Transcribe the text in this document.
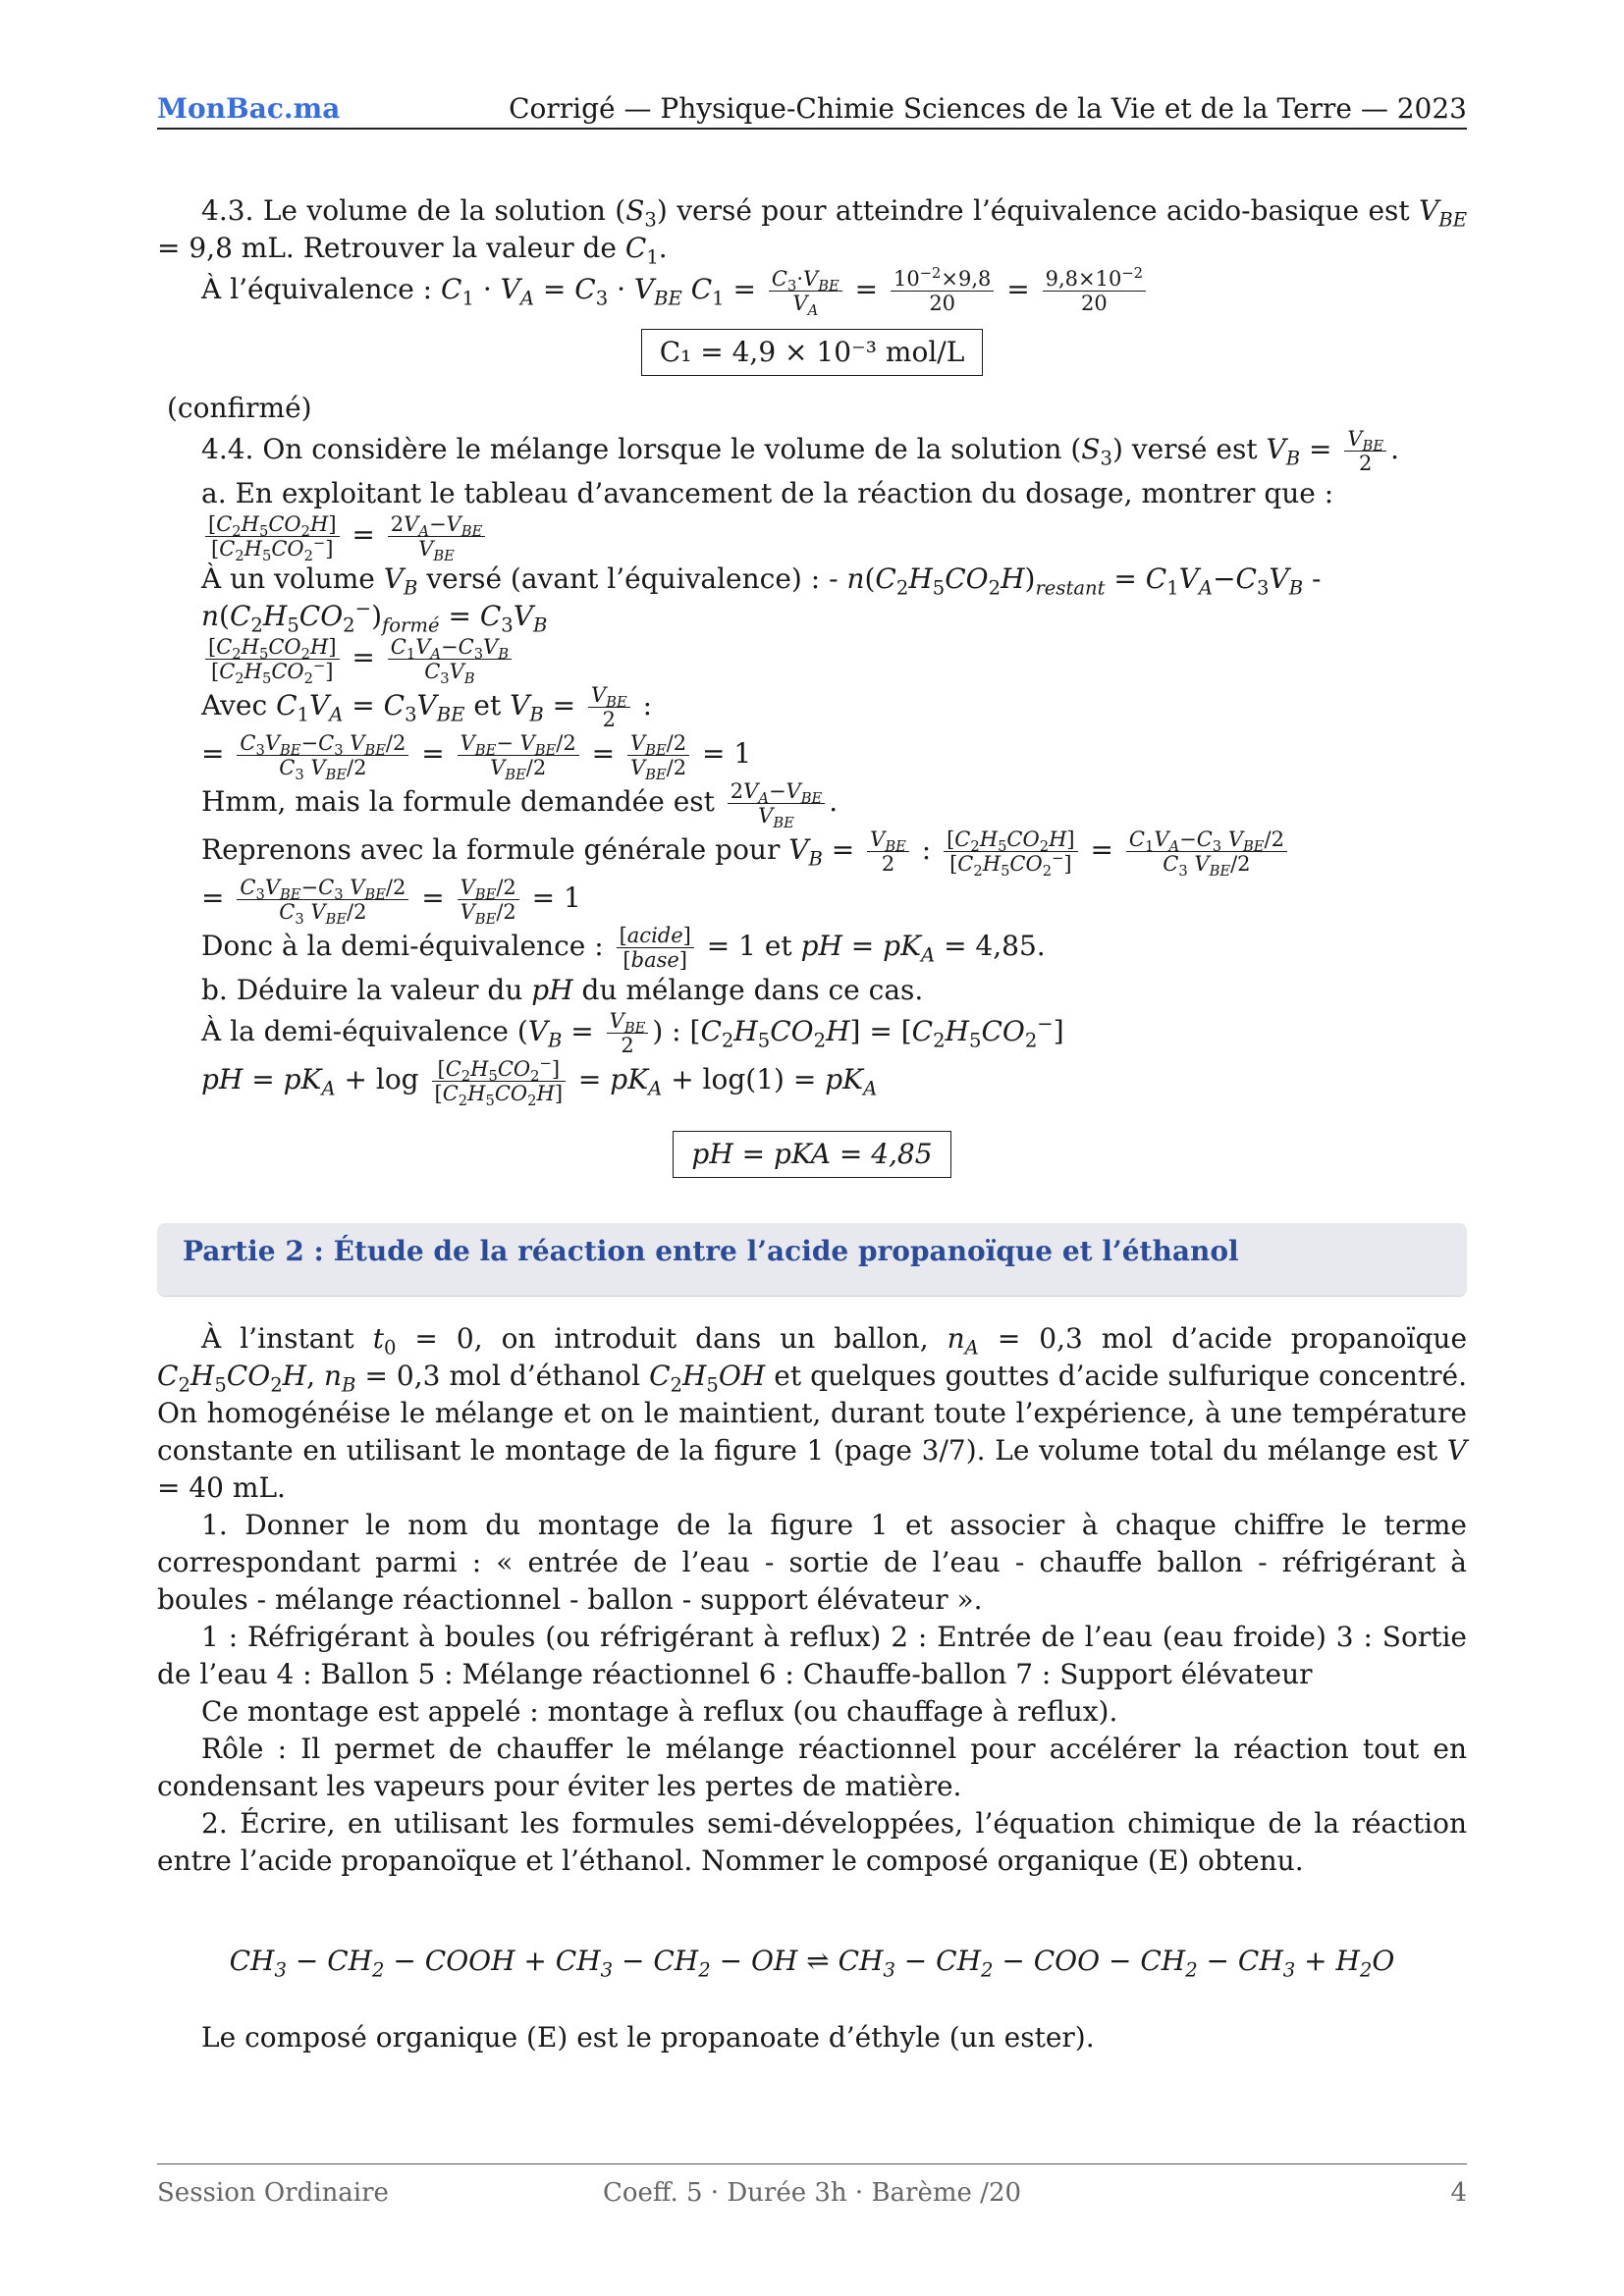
MonBac.ma	Corrigé — Physique-Chimie Sciences de la Vie et de la Terre — 2023

4.3. Le volume de la solution $(S_3)$ versé pour atteindre l’équivalence acido-basique est $V_{BE} = 9,8$ mL. Retrouver la valeur de $C_1$.

À l’équivalence : $C_1 \cdot V_A = C_3 \cdot V_{BE}$ $C_1 = \frac{C_3\cdot V_{BE}}{V_A} = \frac{10^{-2}\times 9,8}{20} = \frac{9,8\times 10^{-2}}{20}$

C₁ = 4,9 × 10⁻³ mol/L

(confirmé)

4.4. On considère le mélange lorsque le volume de la solution $(S_3)$ versé est $V_B = \frac{V_{BE}}{2}$ .

a. En exploitant le tableau d’avancement de la réaction du dosage, montrer que :
$\frac{[C_2H_5CO_2H]}{[C_2H_5CO_2^-]} = \frac{2V_A-V_{BE}}{V_{BE}}$

À un volume $V_B$ versé (avant l’équivalence) : - $n(C_2H_5CO_2H)_{restant} = C_1V_A-C_3V_B - n(C_2H_5CO_2^-)_{formé} = C_3V_B$

$\frac{[C_2H_5CO_2H]}{[C_2H_5CO_2^-]} = \frac{C_1V_A-C_3V_B}{C_3V_B}$

Avec $C_1V_A = C_3V_{BE}$ et $V_B = \frac{V_{BE}}{2}$ :

= $\frac{C_3V_{BE}-C_3 V_{BE}/2}{C_3 V_{BE}/2} = \frac{V_{BE}- V_{BE}/2}{V_{BE}/2} = \frac{V_{BE}/2}{V_{BE}/2} = 1$

Hmm, mais la formule demandée est $\frac{2V_A-V_{BE}}{V_{BE}}$ .

Reprenons avec la formule générale pour $V_B = \frac{V_{BE}}{2}$ : $\frac{[C_2H_5CO_2H]}{[C_2H_5CO_2^-]} = \frac{C_1V_A-C_3 V_{BE}/2}{C_3 V_{BE}/2}$

= $\frac{C_3V_{BE}-C_3 V_{BE}/2}{C_3 V_{BE}/2} = \frac{V_{BE}/2}{V_{BE}/2} = 1$

Donc à la demi-équivalence : $\frac{\text{[acide]}}{\text{[base]}} = 1$ et pH = $pK_A = 4,85$.

b. Déduire la valeur du pH du mélange dans ce cas.

À la demi-équivalence ($V_B = \frac{V_{BE}}{2}$ ) : $[C_2H_5CO_2H] = [C_2H_5CO_2^-]$

pH = $pK_A + \log \frac{[C_2H_5CO_2^-]}{[C_2H_5CO_2H]} = pK_A + \log(1) = pK_A$

pH = pKA = 4,85

Partie 2 : Étude de la réaction entre l’acide propanoïque et l’éthanol

À l’instant $t_0 = 0$, on introduit dans un ballon, $n_A = 0,3$ mol d’acide propanoïque $C_2H_5CO_2H$, $n_B = 0,3$ mol d’éthanol $C_2H_5OH$ et quelques gouttes d’acide sulfurique concentré. On homogénéise le mélange et on le maintient, durant toute l’expérience, à une température constante en utilisant le montage de la figure 1 (page 3/7). Le volume total du mélange est V = 40 mL.

1. Donner le nom du montage de la figure 1 et associer à chaque chiffre le terme correspondant parmi : « entrée de l’eau - sortie de l’eau - chauffe ballon - réfrigérant à boules - mélange réactionnel - ballon - support élévateur ».

1 : Réfrigérant à boules (ou réfrigérant à reflux) 2 : Entrée de l’eau (eau froide) 3 : Sortie de l’eau 4 : Ballon 5 : Mélange réactionnel 6 : Chauffe-ballon 7 : Support élévateur

Ce montage est appelé : montage à reflux (ou chauffage à reflux).

Rôle : Il permet de chauffer le mélange réactionnel pour accélérer la réaction tout en condensant les vapeurs pour éviter les pertes de matière.

2. Écrire, en utilisant les formules semi-développées, l’équation chimique de la réaction entre l’acide propanoïque et l’éthanol. Nommer le composé organique (E) obtenu.

$CH_3 - CH_2$ − COOH + $CH_3 - CH_2$ − OH ⇌ $CH_3 - CH_2$ − COO − $CH_2 - CH_3 + H_2O$

Le composé organique (E) est le propanoate d’éthyle (un ester).

Session Ordinaire	Coeff. 5 · Durée 3h · Barème /20	4
